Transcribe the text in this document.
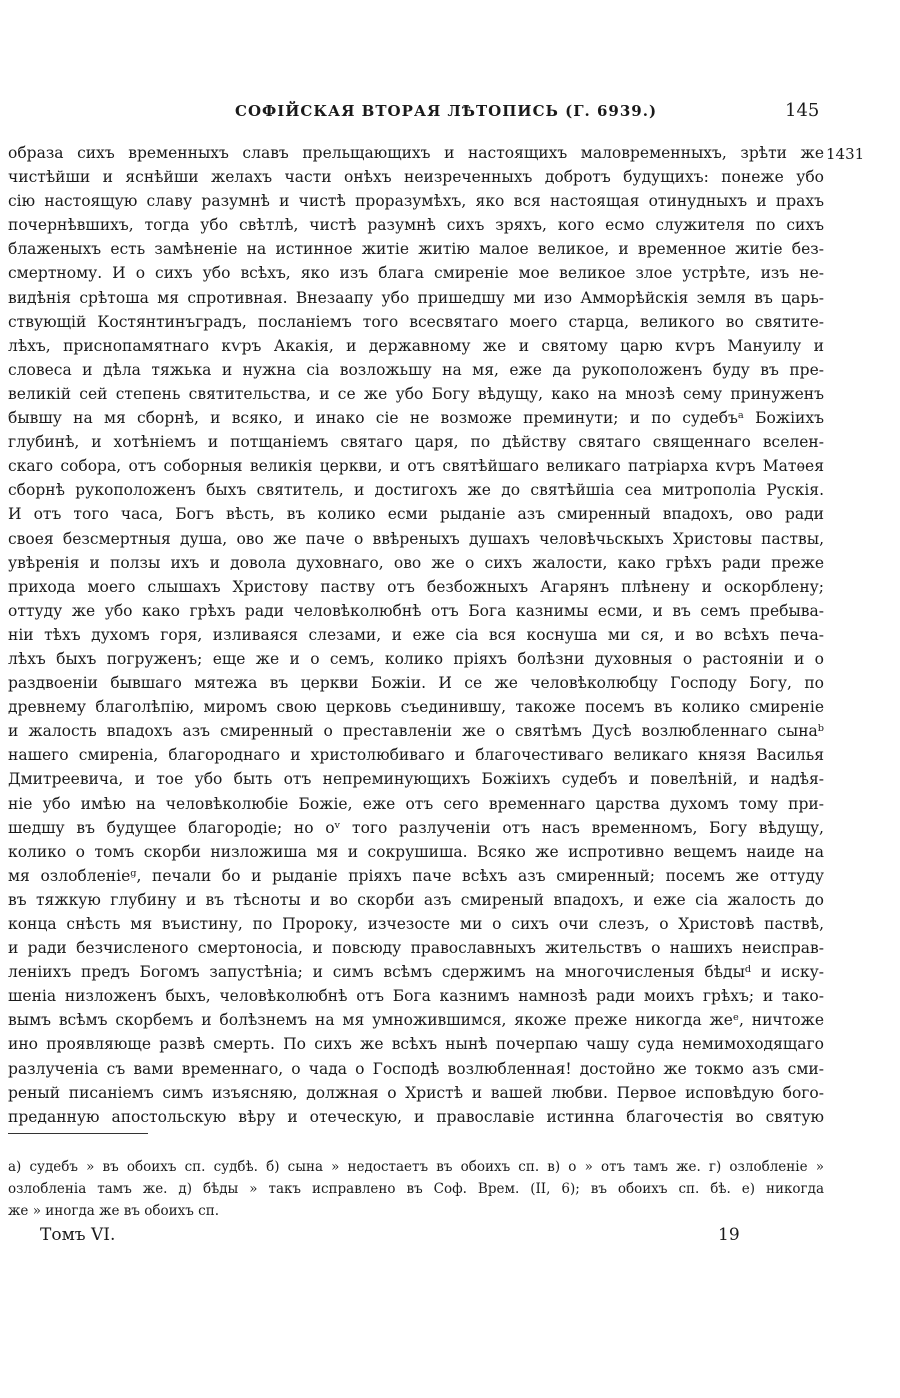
СОФІЙСКАЯ ВТОРАЯ ЛѢТОПИСЬ (Г. 6939.)	145
1431
образа сихъ временныхъ славъ прельщающихъ и настоящихъ маловременныхъ, зрѣти же
чистѣйши и яснѣйши желахъ части онѣхъ неизреченныхъ добротъ будущихъ: понеже убо
сію настоящую славу разумнѣ и чистѣ проразумѣхъ, яко вся настоящая отинудныхъ и прахъ
почернѣвшихъ, тогда убо свѣтлѣ, чистѣ разумнѣ сихъ зряхъ, кого есмо служителя по сихъ
блаженыхъ есть замѣненіе на истинное житіе житію малое великое, и временное житіе без-
смертному. И о сихъ убо всѣхъ, яко изъ блага смиреніе мое великое злое устрѣте, изъ не-
видѣнія срѣтоша мя спротивная. Внезаапу убо пришедшу ми изо Амморѣйскія земля въ царь-
ствующій Костянтинъградъ, посланіемъ того всесвятаго моего старца, великого во святите-
лѣхъ, приснопамятнаго кѵръ Акакія, и державному же и святому царю кѵръ Мануилу и
словеса и дѣла тяжька и нужна сіа возложьшу на мя, еже да рукоположенъ буду въ пре-
великій сей степень святительства, и се же убо Богу вѣдущу, како на мнозѣ сему принуженъ
бывшу на мя сборнѣ, и всяко, и инако сіе не возможе преминути; и по судебъᵃ Божіихъ
глубинѣ, и хотѣніемъ и потщаніемъ святаго царя, по дѣйству святаго священнаго вселен-
скаго собора, отъ соборныя великія церкви, и отъ святѣйшаго великаго патріарха кѵръ Матѳея
сборнѣ рукоположенъ быхъ святитель, и достигохъ же до святѣйшіа сеа митрополіа Рускія.
И отъ того часа, Богъ вѣсть, въ колико есми рыданіе азъ смиренный впадохъ, ово ради
своея безсмертныя душа, ово же паче о ввѣреныхъ душахъ человѣчьскыхъ Христовы паствы,
увѣренія и ползы ихъ и довола духовнаго, ово же о сихъ жалости, како грѣхъ ради преже
прихода моего слышахъ Христову паству отъ безбожныхъ Агарянъ плѣнену и оскорблену;
оттуду же убо како грѣхъ ради человѣколюбнѣ отъ Бога казнимы есми, и въ семъ пребыва-
ніи тѣхъ духомъ горя, изливаяся слезами, и еже сіа вся коснуша ми ся, и во всѣхъ печа-
лѣхъ быхъ погруженъ; еще же и о семъ, колико пріяхъ болѣзни духовныя о растояніи и о
раздвоеніи бывшаго мятежа въ церкви Божіи. И се же человѣколюбцу Господу Богу, по
древнему благолѣпію, миромъ свою церковь съединившу, такоже посемъ въ колико смиреніе
и жалость впадохъ азъ смиренный о преставленіи же о святѣмъ Дусѣ возлюбленнаго сынаᵇ
нашего смиреніа, благороднаго и христолюбиваго и благочестиваго великаго князя Василья
Дмитреевича, и тое убо быть отъ непреминующихъ Божіихъ судебъ и повелѣній, и надѣя-
ніе убо имѣю на человѣколюбіе Божіе, еже отъ сего временнаго царства духомъ тому при-
шедшу въ будущее благородіе; но оᵛ того разлученіи отъ насъ временномъ, Богу вѣдущу,
колико о томъ скорби низложиша мя и сокрушиша. Всяко же испротивно вещемъ наиде на
мя озлобленіеᵍ, печали бо и рыданіе пріяхъ паче всѣхъ азъ смиренный; посемъ же оттуду
въ тяжкую глубину и въ тѣсноты и во скорби азъ смиреный впадохъ, и еже сіа жалость до
конца снѣсть мя въистину, по Пророку, изчезосте ми о сихъ очи слезъ, о Христовѣ паствѣ,
и ради безчисленого смертоносіа, и повсюду православныхъ жительствъ о нашихъ неисправ-
леніихъ предъ Богомъ запустѣніа; и симъ всѣмъ сдержимъ на многочисленыя бѣдыᵈ и иску-
шеніа низложенъ быхъ, человѣколюбнѣ отъ Бога казнимъ намнозѣ ради моихъ грѣхъ; и тако-
вымъ всѣмъ скорбемъ и болѣзнемъ на мя умножившимся, якоже преже никогда жеᵉ, ничтоже
ино проявляюще развѣ смерть. По сихъ же всѣхъ нынѣ почерпаю чашу суда немимоходящаго
разлученіа съ вами временнаго, о чада о Господѣ возлюбленная! достойно же токмо азъ сми-
реный писаніемъ симъ изъясняю, должная о Христѣ и вашей любви. Первое исповѣдую бого-
преданную апостольскую вѣру и отеческую, и православіе истинна благочестія во святую
а) судебъ » въ обоихъ сп. судбѣ. б) сына » недостаетъ въ обоихъ сп. в) о » отъ тамъ же. г) озлобленіе »
озлобленіа тамъ же. д) бѣды » такъ исправлено въ Соф. Врем. (II, 6); въ обоихъ сп. бѣ. е) никогда
же » иногда же въ обоихъ сп.
Томъ VI.	19
